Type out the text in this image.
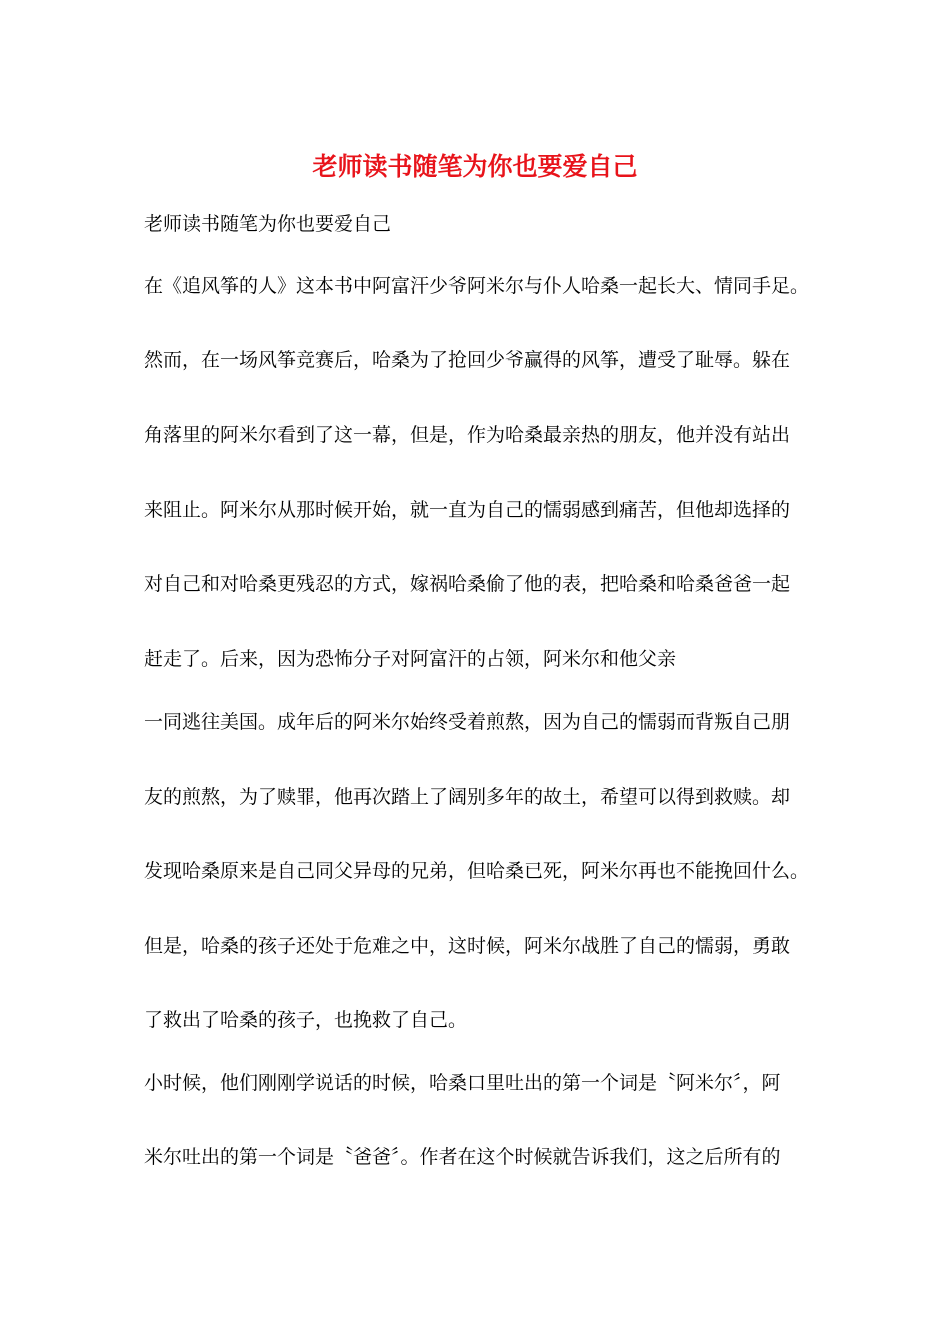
老师读书随笔为你也要爱自己

老师读书随笔为你也要爱自己

在《追风筝的人》这本书中阿富汗少爷阿米尔与仆人哈桑一起长大、情同手足。

然而，在一场风筝竞赛后，哈桑为了抢回少爷赢得的风筝，遭受了耻辱。躲在

角落里的阿米尔看到了这一幕，但是，作为哈桑最亲热的朋友，他并没有站出

来阻止。阿米尔从那时候开始，就一直为自己的懦弱感到痛苦，但他却选择的

对自己和对哈桑更残忍的方式，嫁祸哈桑偷了他的表，把哈桑和哈桑爸爸一起

赶走了。后来，因为恐怖分子对阿富汗的占领，阿米尔和他父亲

一同逃往美国。成年后的阿米尔始终受着煎熬，因为自己的懦弱而背叛自己朋

友的煎熬，为了赎罪，他再次踏上了阔别多年的故土，希望可以得到救赎。却

发现哈桑原来是自己同父异母的兄弟，但哈桑已死，阿米尔再也不能挽回什么。

但是，哈桑的孩子还处于危难之中，这时候，阿米尔战胜了自己的懦弱，勇敢

了救出了哈桑的孩子，也挽救了自己。

小时候，他们刚刚学说话的时候，哈桑口里吐出的第一个词是〝阿米尔〞，阿

米尔吐出的第一个词是〝爸爸〞。作者在这个时候就告诉我们，这之后所有的
